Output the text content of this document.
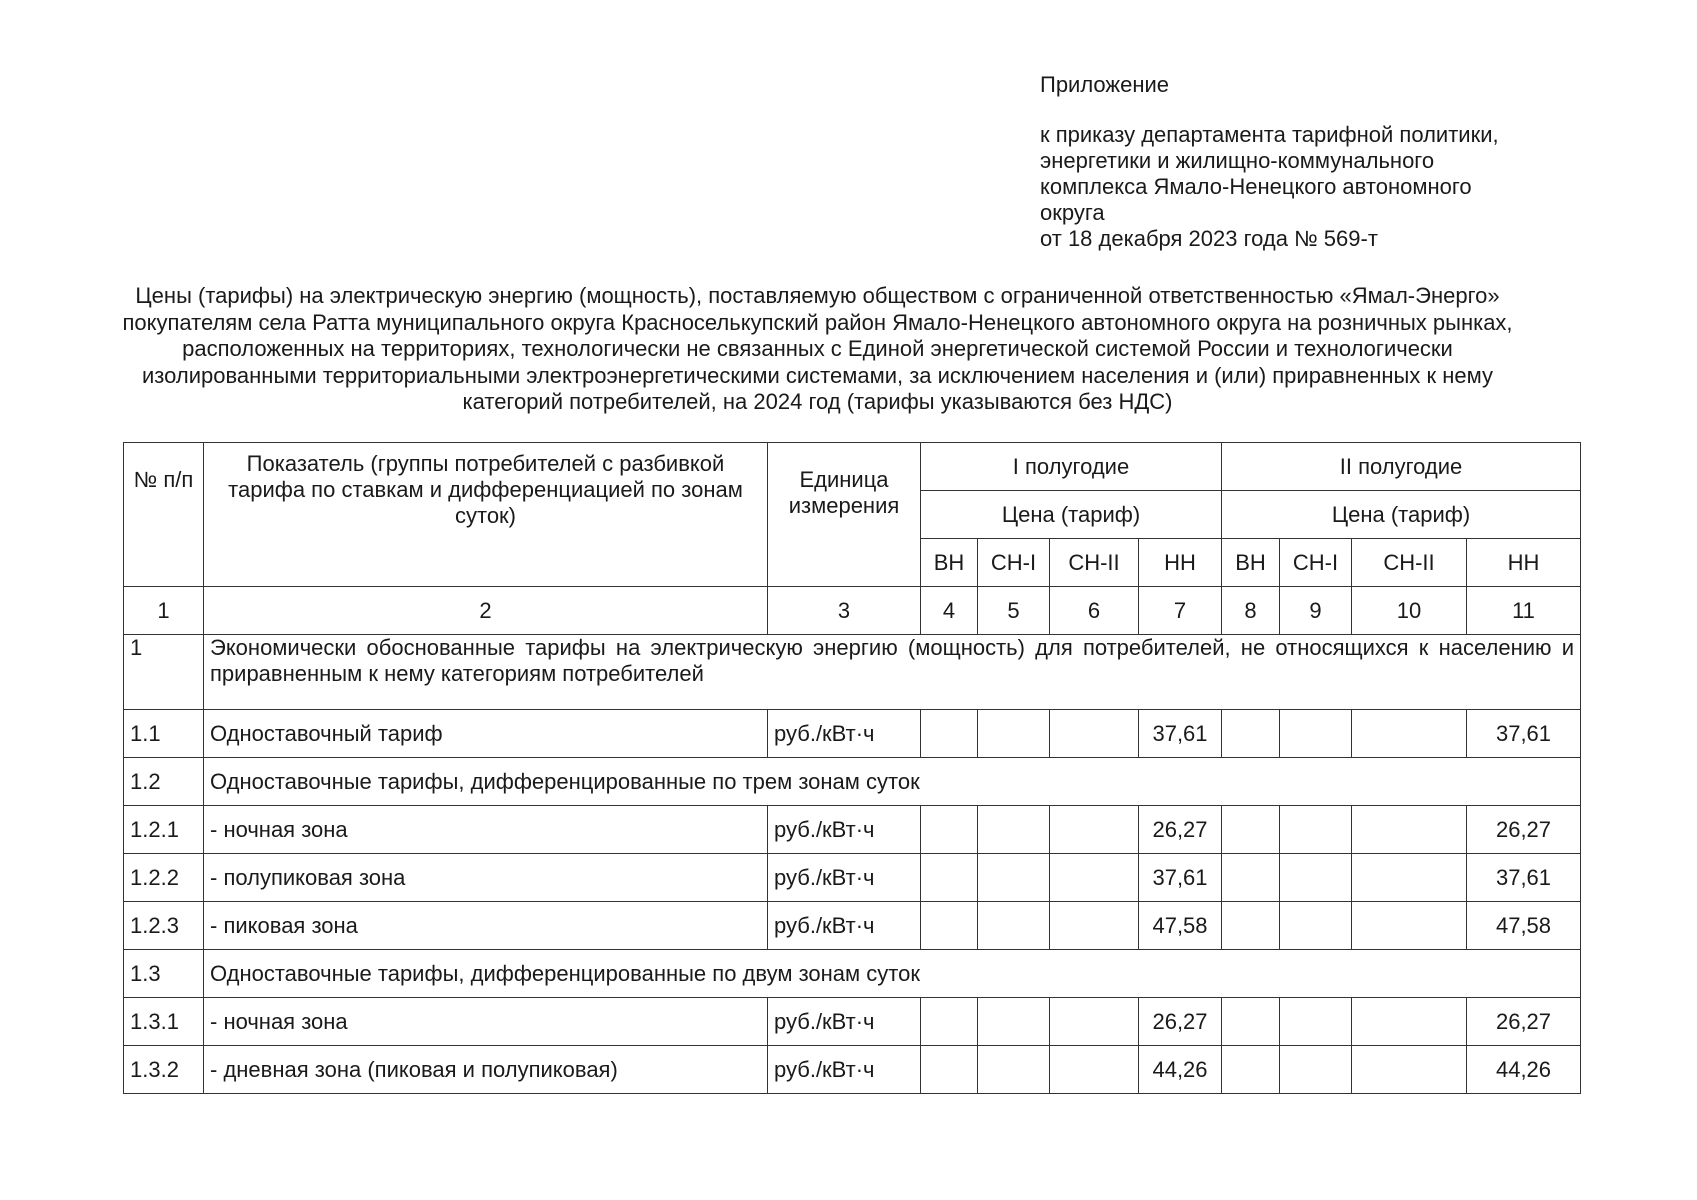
Приложение
к приказу департамента тарифной политики,
энергетики и жилищно-коммунального
комплекса Ямало-Ненецкого автономного
округа
от 18 декабря 2023 года № 569-т
Цены (тарифы) на электрическую энергию (мощность), поставляемую обществом с ограниченной ответственностью «Ямал-Энерго»
покупателям села Ратта муниципального округа Красноселькупский район Ямало-Ненецкого автономного округа на розничных рынках,
расположенных на территориях, технологически не связанных с Единой энергетической системой России и технологически
изолированными территориальными электроэнергетическими системами, за исключением населения и (или) приравненных к нему
категорий потребителей, на 2024 год (тарифы указываются без НДС)
№ п/п	Показатель (группы потребителей с разбивкой тарифа по ставкам и дифференциацией по зонам суток)	Единица измерения	I полугодие				II полугодие			
			Цена (тариф)				Цена (тариф)			
			ВН	СН-I	СН-II	НН	ВН	СН-I	СН-II	НН
1	2	3	4	5	6	7	8	9	10	11
1	Экономически обоснованные тарифы на электрическую энергию (мощность) для потребителей, не относящихся к населению и приравненным к нему категориям потребителей									
1.1	Одноставочный тариф	руб./кВт·ч				37,61				37,61
1.2	Одноставочные тарифы, дифференцированные по трем зонам суток									
1.2.1	- ночная зона	руб./кВт·ч				26,27				26,27
1.2.2	- полупиковая зона	руб./кВт·ч				37,61				37,61
1.2.3	- пиковая зона	руб./кВт·ч				47,58				47,58
1.3	Одноставочные тарифы, дифференцированные по двум зонам суток									
1.3.1	- ночная зона	руб./кВт·ч				26,27				26,27
1.3.2	- дневная зона (пиковая и полупиковая)	руб./кВт·ч				44,26				44,26
